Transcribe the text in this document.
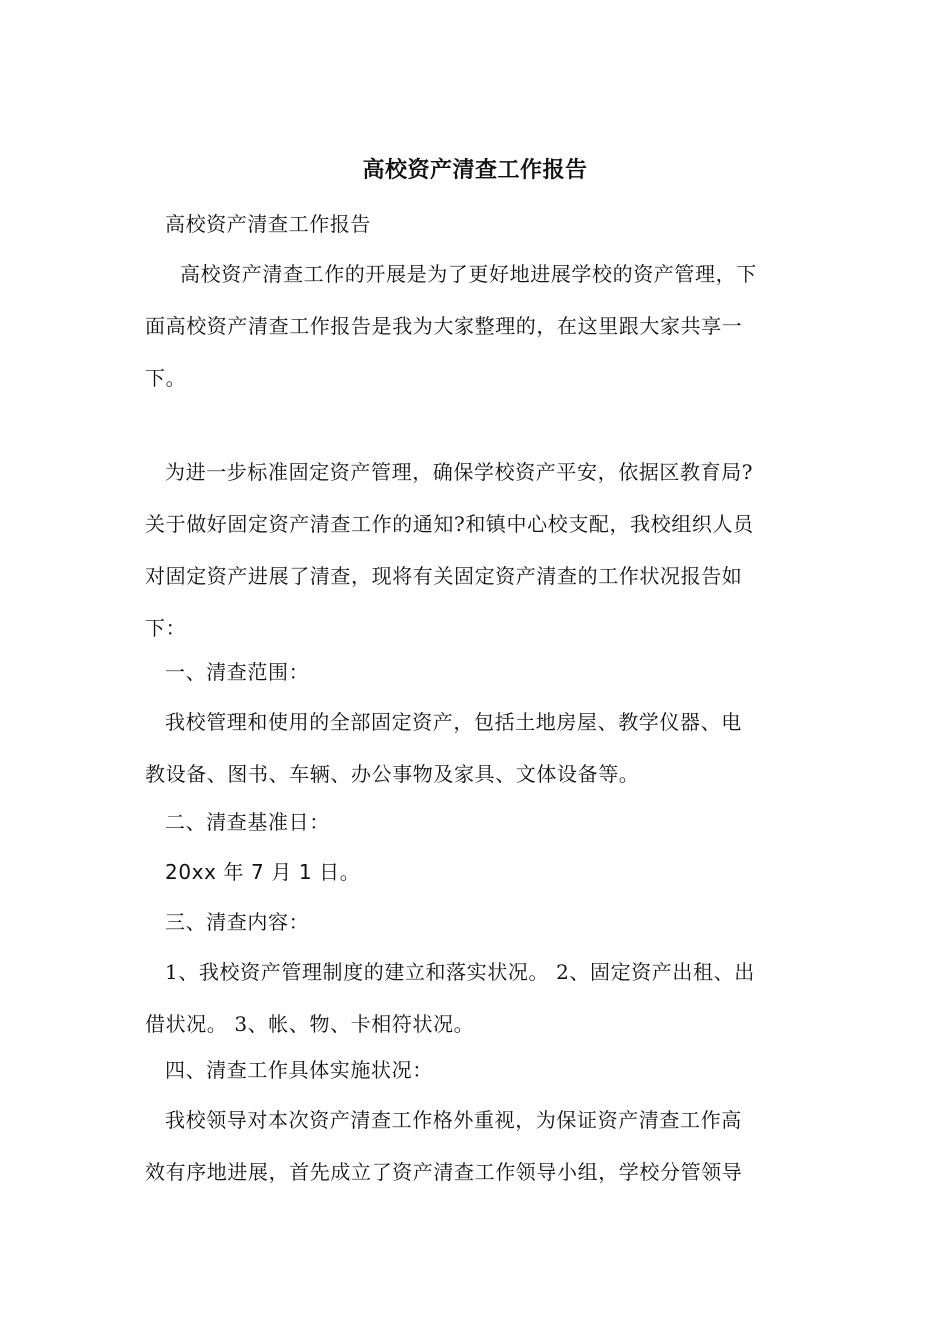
高校资产清查工作报告
高校资产清查工作报告
高校资产清查工作的开展是为了更好地进展学校的资产管理，下
面高校资产清查工作报告是我为大家整理的，在这里跟大家共享一
下。
为进一步标准固定资产管理，确保学校资产平安，依据区教育局?
关于做好固定资产清查工作的通知?和镇中心校支配，我校组织人员
对固定资产进展了清查，现将有关固定资产清查的工作状况报告如
下：
一、清查范围：
我校管理和使用的全部固定资产，包括土地房屋、教学仪器、电
教设备、图书、车辆、办公事物及家具、文体设备等。
二、清查基准日：
20xx 年 7 月 1 日。
三、清查内容：
1、我校资产管理制度的建立和落实状况。 2、固定资产出租、出
借状况。 3、帐、物、卡相符状况。
四、清查工作具体实施状况：
我校领导对本次资产清查工作格外重视，为保证资产清查工作高
效有序地进展，首先成立了资产清查工作领导小组，学校分管领导
